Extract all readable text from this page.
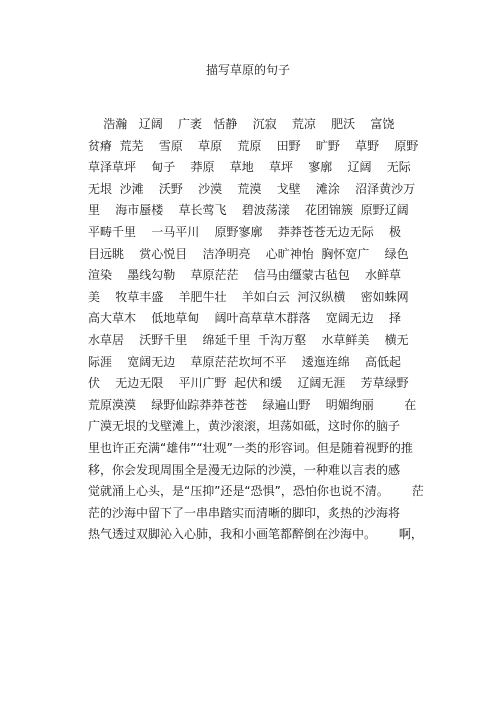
描写草原的句子
浩瀚   辽阔    广袤   恬静    沉寂    荒凉    肥沃    富饶
贫瘠  荒芜    雪原    草原    荒原    田野    旷野    草野    原野
草泽草坪    甸子    莽原    草地    草坪    寥廓    辽阔    无际
无垠  沙滩    沃野    沙漠    荒漠    戈壁    滩涂    沼泽黄沙万
里    海市蜃楼    草长莺飞    碧波荡漾    花团锦簇  原野辽阔
平畴千里    一马平川    原野寥廓    莽莽苍苍无边无际    极
目远眺    赏心悦目    洁净明亮    心旷神怡  胸怀宽广    绿色
渲染    墨线勾勒    草原茫茫    信马由缰蒙古毡包    水鲜草
美    牧草丰盛    羊肥牛壮    羊如白云  河汉纵横    密如蛛网
高大草木    低地草甸    阔叶高草草木群落    宽阔无边    择
水草居    沃野千里    绵延千里  千沟万壑    水草鲜美    横无
际涯    宽阔无边    草原茫茫坎坷不平    逶迤连绵    高低起
伏    无边无限    平川广野  起伏和缓    辽阔无涯    芳草绿野
荒原漠漠    绿野仙踪莽莽苍苍    绿遍山野    明媚绚丽        在
广漠无垠的戈壁滩上，黄沙滚滚，坦荡如砥，这时你的脑子
里也许正充满“雄伟”“壮观”一类的形容词。但是随着视野的推
移，你会发现周围全是漫无边际的沙漠，一种难以言表的感
觉就涌上心头，是“压抑”还是“恐惧”，恐怕你也说不清。      茫
茫的沙海中留下了一串串踏实而清晰的脚印，炙热的沙海将
热气透过双脚沁入心肺，我和小画笔都醉倒在沙海中。      啊，
